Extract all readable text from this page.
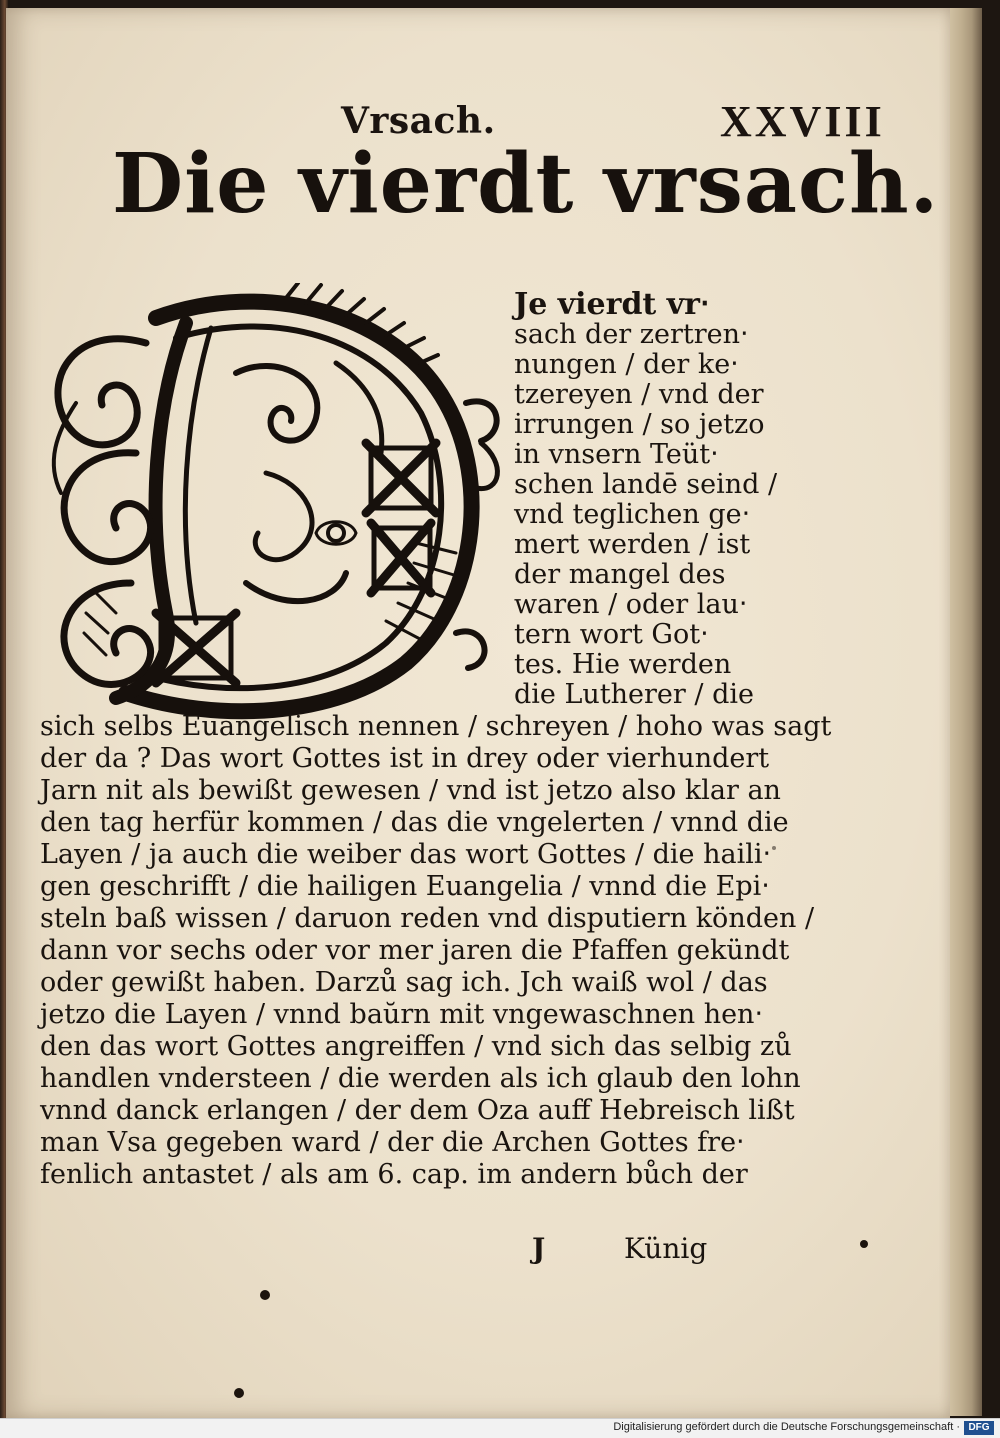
Vrsach.	XXVIII
Die vierdt vrsach.
Je vierdt vr‧
sach der zertren‧
nungen / der ke‧
tzereyen / vnd der
irrungen / so jetzo
in vnsern Teüt‧
schen landē seind /
vnd teglichen ge‧
mert werden / ist
der mangel des
waren / oder lau‧
tern wort Got‧
tes. Hie werden
die Lutherer / die
sich selbs Euangelisch nennen / schreyen / hoho was sagt
der da ? Das wort Gottes ist in drey oder vierhundert
Jarn nit als bewißt gewesen / vnd ist jetzo also klar an
den tag herfür kommen / das die vngelerten / vnnd die
Layen / ja auch die weiber das wort Gottes / die haili‧
gen geschrifft / die hailigen Euangelia / vnnd die Epi‧
steln baß wissen / daruon reden vnd disputiern könden /
dann vor sechs oder vor mer jaren die Pfaffen gekündt
oder gewißt haben. Darzů sag ich. Jch waiß wol / das
jetzo die Layen / vnnd baŭrn mit vngewaschnen hen‧
den das wort Gottes angreiffen / vnd sich das selbig zů
handlen vndersteen / die werden als ich glaub den lohn
vnnd danck erlangen / der dem Oza auff Hebreisch lißt
man Vsa gegeben ward / der die Archen Gottes fre‧
fenlich antastet / als am 6. cap. im andern bůch der
J	Künig
Digitalisierung gefördert durch die Deutsche Forschungsgemeinschaft · DFG
